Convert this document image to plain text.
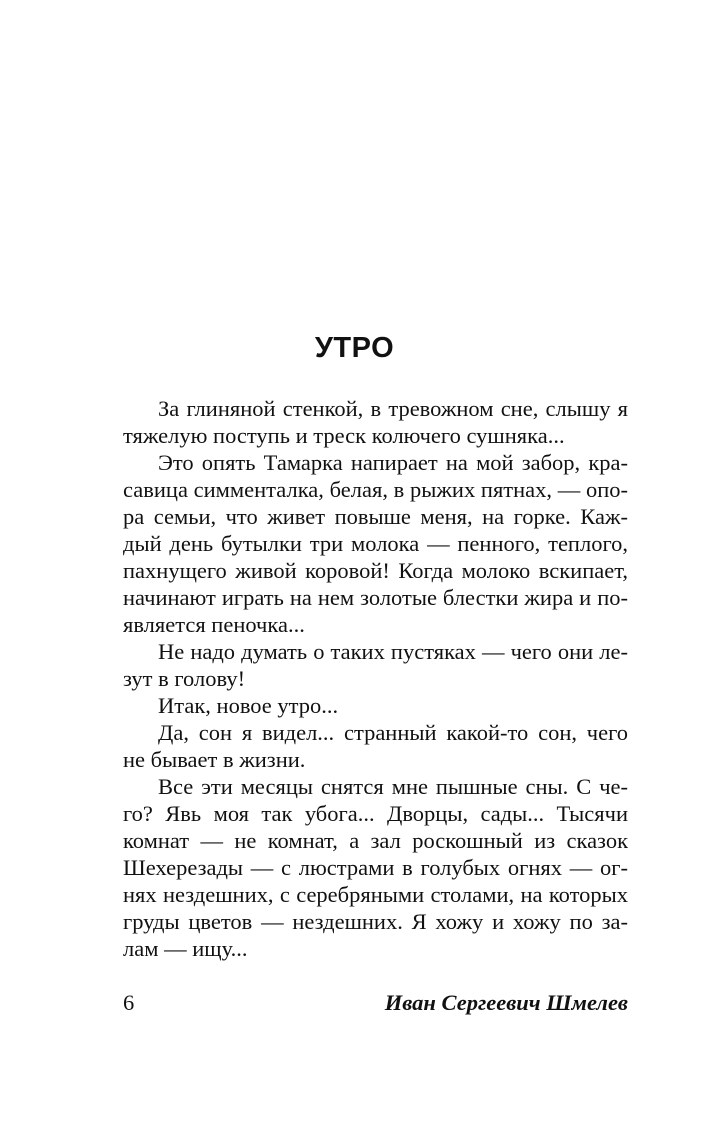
УТРО
За глиняной стенкой, в тревожном сне, слышу я
тяжелую поступь и треск колючего сушняка...
Это опять Тамарка напирает на мой забор, кра-
савица симменталка, белая, в рыжих пятнах, — опо-
ра семьи, что живет повыше меня, на горке. Каж-
дый день бутылки три молока — пенного, теплого,
пахнущего живой коровой! Когда молоко вскипает,
начинают играть на нем золотые блестки жира и по-
является пеночка...
Не надо думать о таких пустяках — чего они ле-
зут в голову!
Итак, новое утро...
Да, сон я видел... странный какой-то сон, чего
не бывает в жизни.
Все эти месяцы снятся мне пышные сны. С че-
го? Явь моя так убога... Дворцы, сады... Тысячи
комнат — не комнат, а зал роскошный из сказок
Шехерезады — с люстрами в голубых огнях — ог-
нях нездешних, с серебряными столами, на которых
груды цветов — нездешних. Я хожу и хожу по за-
лам — ищу...
6	Иван Сергеевич Шмелев
